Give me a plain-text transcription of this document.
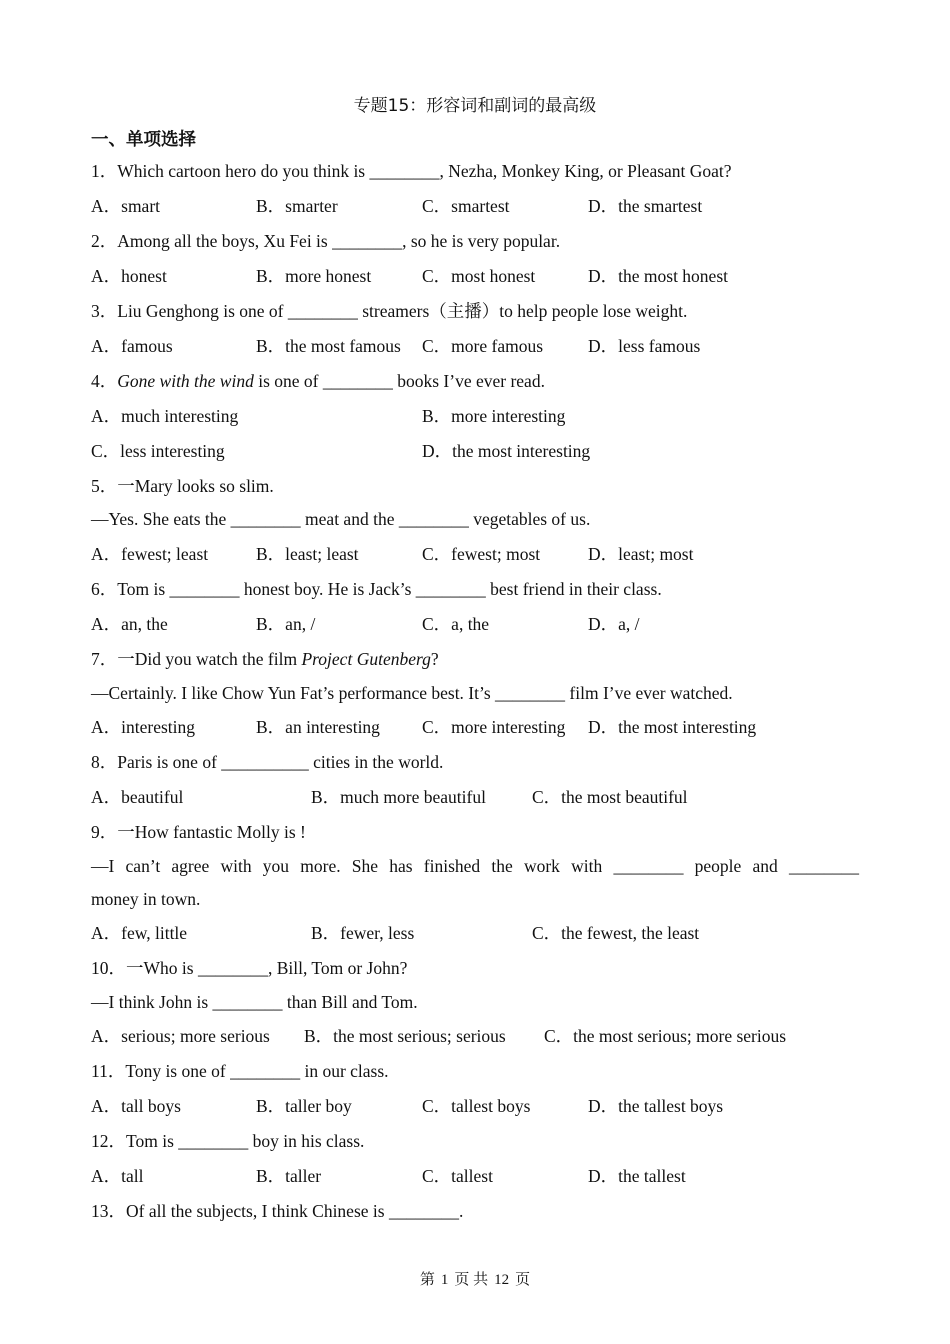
专题15：形容词和副词的最高级
一、单项选择
1．Which cartoon hero do you think is ________, Nezha, Monkey King, or Pleasant Goat?
A．smart	B．smarter	C．smartest	D．the smartest
2．Among all the boys, Xu Fei is ________, so he is very popular.
A．honest	B．more honest	C．most honest	D．the most honest
3．Liu Genghong is one of ________ streamers（主播）to help people lose weight.
A．famous	B．the most famous C．more famous	D．less famous
4．Gone with the wind is one of ________ books I’ve ever read.
A．much interesting	B．more interesting
C．less interesting	D．the most interesting
5．一Mary looks so slim.
—Yes. She eats the ________ meat and the ________ vegetables of us.
A．fewest; least	B．least; least	C．fewest; most	D．least; most
6．Tom is ________ honest boy. He is Jack’s ________ best friend in their class.
A．an, the	B．an, /	C．a, the	D．a, /
7．一Did you watch the film Project Gutenberg?
—Certainly. I like Chow Yun Fat’s performance best. It’s ________ film I’ve ever watched.
A．interesting	B．an interesting C．more interesting D．the most interesting
8．Paris is one of __________ cities in the world.
A．beautiful	B．much more beautiful	C．the most beautiful
9．一How fantastic Molly is !
—I can’t agree with you more. She has finished the work with ________ people and ________
money in town.
A．few, little	B．fewer, less	C．the fewest, the least
10．一Who is ________, Bill, Tom or John?
—I think John is ________ than Bill and Tom.
A．serious; more serious B．the most serious; serious C．the most serious; more serious
11．Tony is one of ________ in our class.
A．tall boys	B．taller boy	C．tallest boys	D．the tallest boys
12．Tom is ________ boy in his class.
A．tall	B．taller	C．tallest	D．the tallest
13．Of all the subjects, I think Chinese is ________.
第 1 页 共 12 页
